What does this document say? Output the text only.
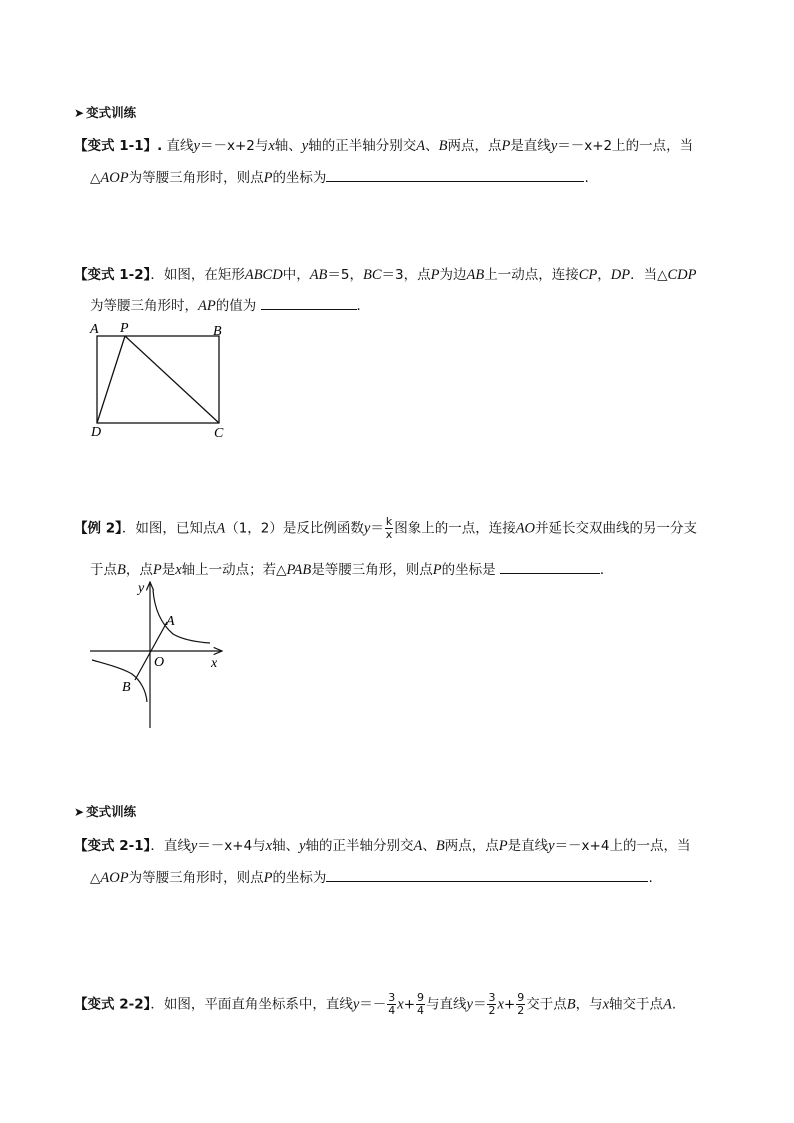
➤ 变式训练
【变式 1-1】. 直线y＝－x+2与x轴、y轴的正半轴分别交A、B两点，点P是直线y＝－x+2上的一点，当
△AOP为等腰三角形时，则点P的坐标为	.
【变式 1-2】．如图，在矩形ABCD中，AB＝5，BC＝3，点P为边AB上一动点，连接CP，DP．当△CDP
为等腰三角形时，AP的值为	．
A P	B
D	C
【例 2】．如图，已知点A（1，2）是反比例函数$y= \frac{k}{x}$ 图象上的一点，连接AO并延长交双曲线的另一分支
于点B，点P是x轴上一动点；若△PAB是等腰三角形，则点P的坐标是	．
y
A
O	x
B
➤ 变式训练
【变式 2-1】．直线y＝－x+4与x轴、y轴的正半轴分别交A、B两点，点P是直线y＝－x+4上的一点，当
△AOP为等腰三角形时，则点P的坐标为	.
【变式 2-2】．如图，平面直角坐标系中，直线$y=- \frac{3}{4} x+ \frac{9}{4}$ 与直线$y= \frac{3}{2} x+ \frac{9}{2}$ 交于点B，与x轴交于点A.
